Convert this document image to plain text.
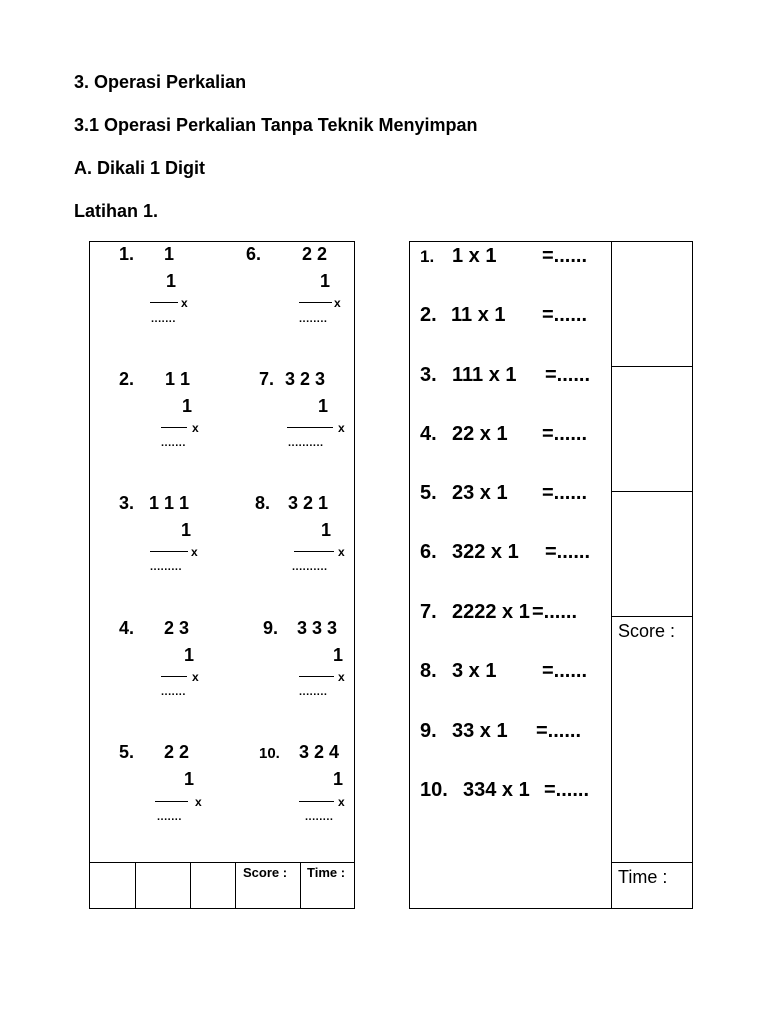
3. Operasi Perkalian
3.1 Operasi Perkalian Tanpa Teknik Menyimpan
A. Dikali 1 Digit
Latihan 1.
Score : Time :
1. 1
1
x
.......
2. 1 1
1
x
.......
3. 1 1 1
1
x
.........
4. 2 3
1
x
.......
5. 2 2
1
x
.......
6. 2 2
1
x
........
7. 3 2 3
1
x
..........
8. 3 2 1
1
x
..........
9. 3 3 3
1
x
........
10. 3 2 4
1
x
........
Score :
Time :
1. 1 x 1 =......
2. 11 x 1 =......
3. 111 x 1 =......
4. 22 x 1 =......
5. 23 x 1 =......
6. 322 x 1 =......
7. 2222 x 1 =......
8. 3 x 1 =......
9. 33 x 1 =......
10. 334 x 1 =......
